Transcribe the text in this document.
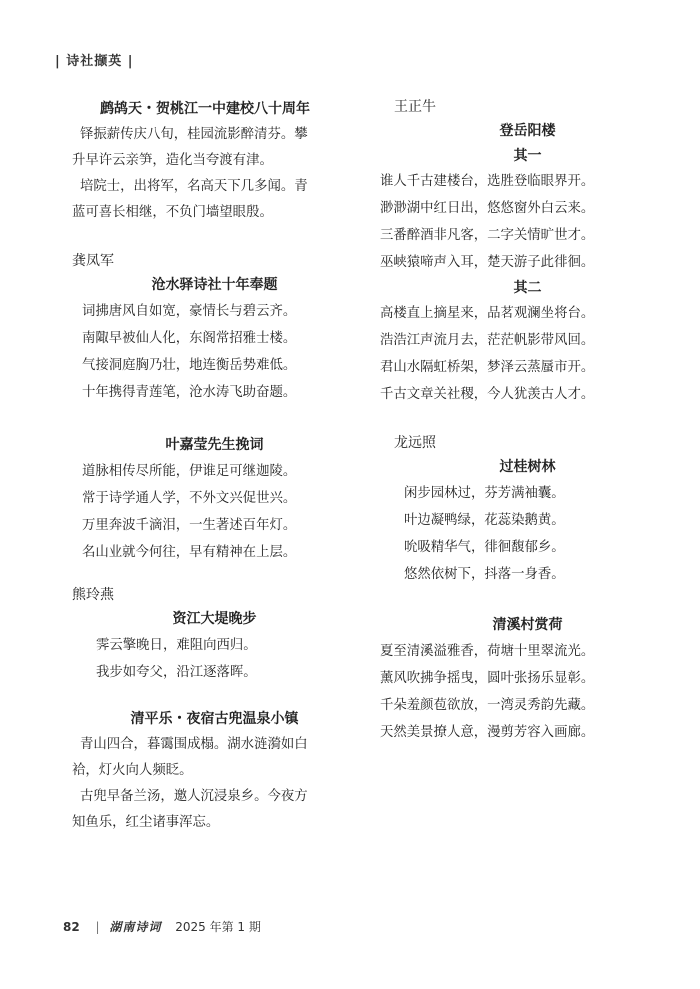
| 诗社撷英 |
鹧鸪天・贺桃江一中建校八十周年
铎振薪传庆八旬，桂园流影醉清芬。攀
升早许云亲笋，造化当夸渡有津。
培院士，出将军，名高天下几多闻。青
蓝可喜长相继，不负门墙望眼殷。
龚凤军
沧水驿诗社十年奉题
词拂唐风自如宽，豪情长与碧云齐。
南陬早被仙人化，东阁常招雅士楼。
气接洞庭胸乃壮，地连衡岳势难低。
十年携得青莲笔，沧水涛飞助奋题。
叶嘉莹先生挽词
道脉相传尽所能，伊谁足可继迦陵。
常于诗学通人学，不外文兴促世兴。
万里奔波千滴泪，一生著述百年灯。
名山业就今何往，早有精神在上层。
熊玲燕
资江大堤晚步
霁云擎晚日，难阻向西归。
我步如夸父，沿江逐落晖。
清平乐・夜宿古兜温泉小镇
青山四合，暮霭围成榻。湖水涟漪如白
袷，灯火向人频眨。
古兜早备兰汤，邀人沉浸泉乡。今夜方
知鱼乐，红尘诸事浑忘。
王正牛
登岳阳楼
其一
谁人千古建楼台，选胜登临眼界开。
渺渺湖中红日出，悠悠窗外白云来。
三番醉酒非凡客，二字关情旷世才。
巫峡猿啼声入耳，楚天游子此徘徊。
其二
高楼直上摘星来，品茗观澜坐将台。
浩浩江声流月去，茫茫帆影带风回。
君山水隔虹桥架，梦泽云蒸蜃市开。
千古文章关社稷，今人犹羡古人才。
龙远照
过桂树林
闲步园林过，芬芳满袖囊。
叶边凝鸭绿，花蕊染鹅黄。
吮吸精华气，徘徊馥郁乡。
悠然依树下，抖落一身香。
清溪村赏荷
夏至清溪溢雅香，荷塘十里翠流光。
薰风吹拂争摇曳，圆叶张扬乐显彰。
千朵羞颜苞欲放，一湾灵秀韵先藏。
天然美景撩人意，漫剪芳容入画廊。
82 | 湖南诗词 2025 年第 1 期
